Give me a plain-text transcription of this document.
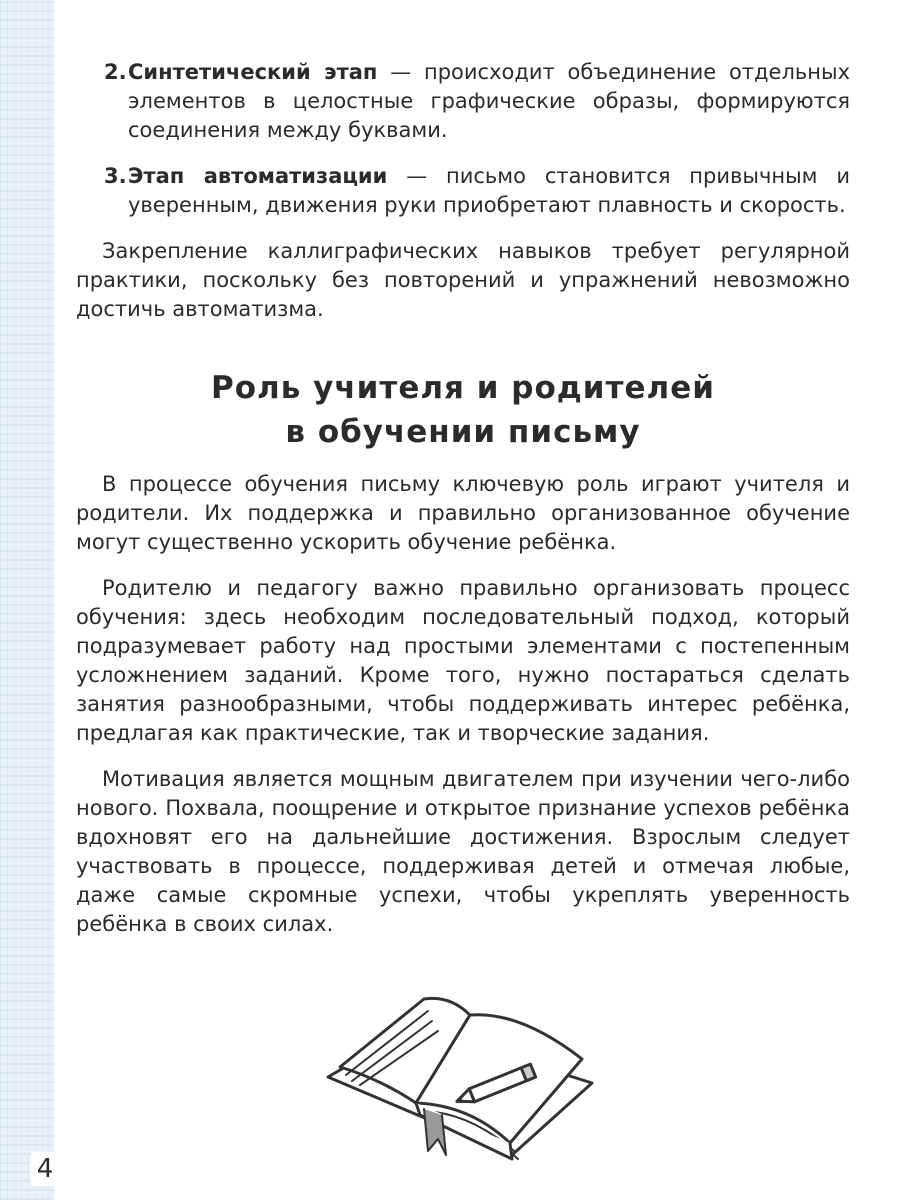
2. Синтетический этап — происходит объединение отдельных элементов в целостные графические образы, формируются соединения между буквами.
3. Этап автоматизации — письмо становится привычным и уверенным, движения руки приобретают плавность и скорость.

Закрепление каллиграфических навыков требует регулярной практики, поскольку без повторений и упражнений невозможно достичь автоматизма.

Роль учителя и родителей
в обучении письму

В процессе обучения письму ключевую роль играют учителя и родители. Их поддержка и правильно организованное обучение могут существенно ускорить обучение ребёнка.

Родителю и педагогу важно правильно организовать процесс обучения: здесь необходим последовательный подход, который подразумевает работу над простыми элементами с постепенным усложнением заданий. Кроме того, нужно постараться сделать занятия разнообразными, чтобы поддерживать интерес ребёнка, предлагая как практические, так и творческие задания.

Мотивация является мощным двигателем при изучении чего-либо нового. Похвала, поощрение и открытое признание успехов ребёнка вдохновят его на дальнейшие достижения. Взрослым следует участвовать в процессе, поддерживая детей и отмечая любые, даже самые скромные успехи, чтобы укреплять уверенность ребёнка в своих силах.

4
